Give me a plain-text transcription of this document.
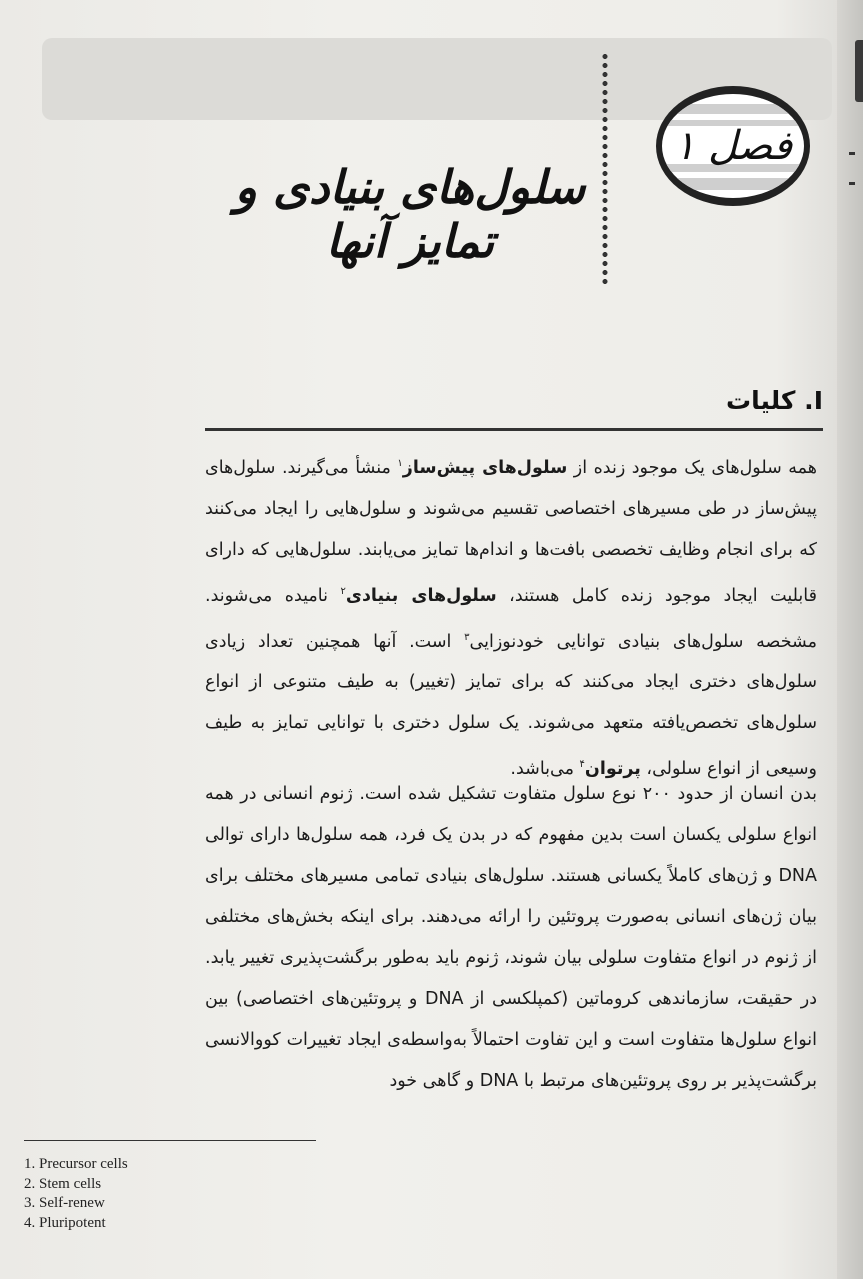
فصل ۱
سلول‌های بنیادی و تمایز آنها
I. کلیات
همه سلول‌های یک موجود زنده از سلول‌های پیش‌ساز$^۱$ منشأ می‌گیرند. سلول‌های پیش‌ساز در طی مسیرهای اختصاصی تقسیم می‌شوند و سلول‌هایی را ایجاد می‌کنند که برای انجام وظایف تخصصی بافت‌ها و اندام‌ها تمایز می‌یابند. سلول‌هایی که دارای قابلیت ایجاد موجود زنده کامل هستند، سلول‌های بنیادی$^۲$ نامیده می‌شوند. مشخصه سلول‌های بنیادی توانایی خودنوزایی$^۳$ است. آنها همچنین تعداد زیادی سلول‌های دختری ایجاد می‌کنند که برای تمایز (تغییر) به طیف متنوعی از انواع سلول‌های تخصص‌یافته متعهد می‌شوند. یک سلول دختری با توانایی تمایز به طیف وسیعی از انواع سلولی، پرتوان$^۴$ می‌باشد.
بدن انسان از حدود ۲۰۰ نوع سلول متفاوت تشکیل شده است. ژنوم انسانی در همه انواع سلولی یکسان است بدین مفهوم که در بدن یک فرد، همه سلول‌ها دارای توالی DNA و ژن‌های کاملاً یکسانی هستند. سلول‌های بنیادی تمامی مسیرهای مختلف برای بیان ژن‌های انسانی به‌صورت پروتئین را ارائه می‌دهند. برای اینکه بخش‌های مختلفی از ژنوم در انواع متفاوت سلولی بیان شوند، ژنوم باید به‌طور برگشت‌پذیری تغییر یابد. در حقیقت، سازماندهی کروماتین (کمپلکسی از DNA و پروتئین‌های اختصاصی) بین انواع سلول‌ها متفاوت است و این تفاوت احتمالاً به‌واسطه‌ی ایجاد تغییرات کووالانسی برگشت‌پذیر بر روی پروتئین‌های مرتبط با DNA و گاهی خود
1. Precursor cells
2. Stem cells
3. Self-renew
4. Pluripotent
